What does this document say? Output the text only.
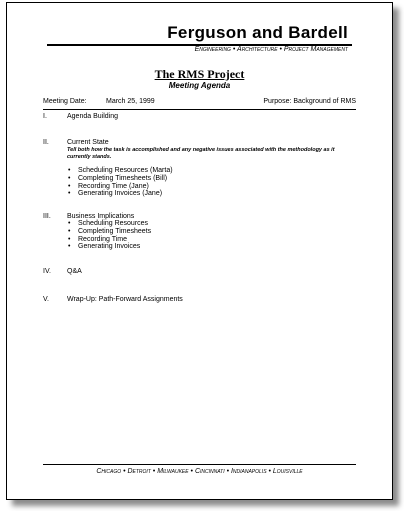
Ferguson and Bardell
Engineering • Architecture • Project Management
The RMS Project
Meeting Agenda
Meeting Date:	March 25, 1999	Purpose: Background of RMS
I.	Agenda Building
II.	Current State
Tell both how the task is accomplished and any negative issues associated with the methodology as it currently stands.
• Scheduling Resources (Marta)
• Completing Timesheets (Bill)
• Recording Time (Jane)
• Generating Invoices (Jane)
III. Business Implications
• Scheduling Resources
• Completing Timesheets
• Recording Time
• Generating Invoices
IV. Q&A
V.	Wrap-Up: Path-Forward Assignments
Chicago • Detroit • Milwaukee • Cincinnati • Indianapolis • Louisville
